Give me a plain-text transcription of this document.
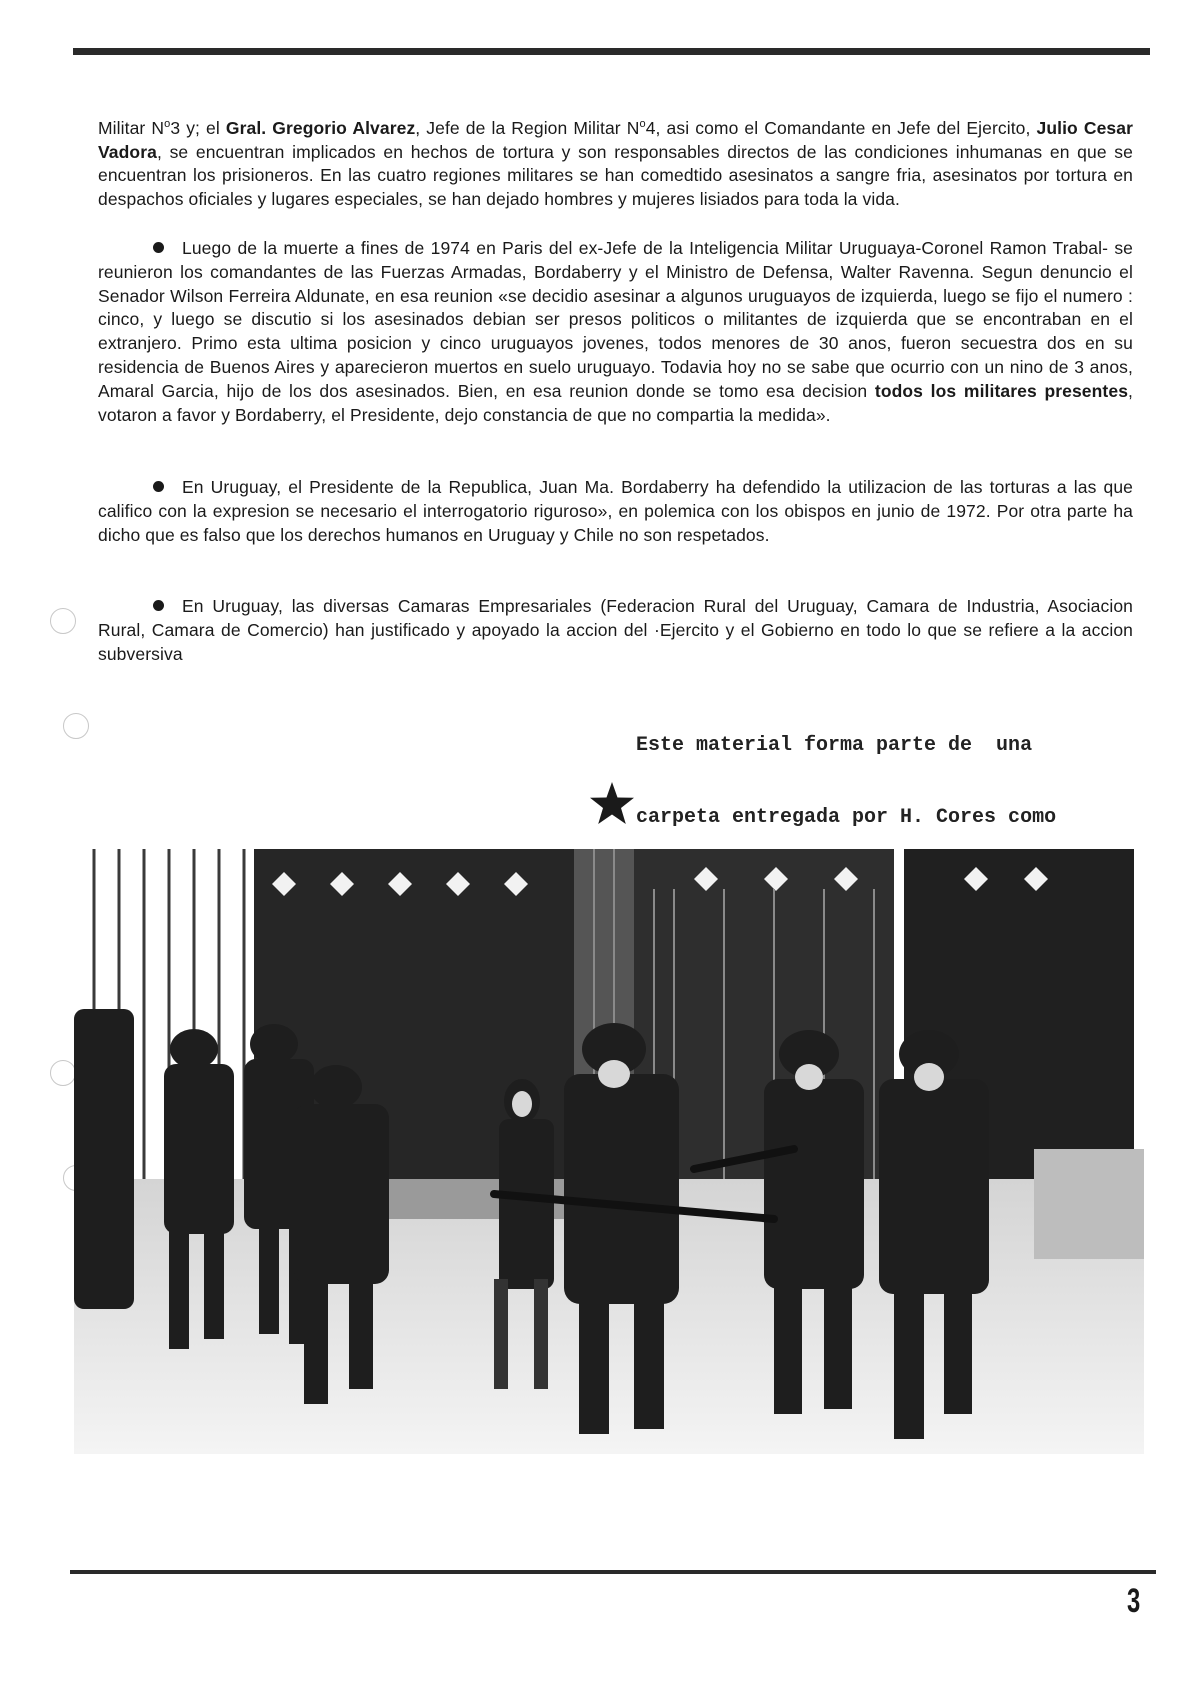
Militar $N^o3$ y; el Gral. Gregorio Alvarez, Jefe de la Region Militar $N^o4$, asi como el Comandante en Jefe del Ejercito, Julio Cesar Vadora, se encuentran implicados en hechos de tortura y son responsables directos de las condiciones inhumanas en que se encuentran los prisioneros. En las cuatro regiones militares se han comedtido asesinatos a sangre fria, asesinatos por tortura en despachos oficiales y lugares especiales, se han dejado hombres y mujeres lisiados para toda la vida.

Luego de la muerte a fines de 1974 en Paris del ex-Jefe de la Inteligencia Militar Uruguaya-Coronel Ramon Trabal- se reunieron los comandantes de las Fuerzas Armadas, Bordaberry y el Ministro de Defensa, Walter Ravenna. Segun denuncio el Senador Wilson Ferreira Aldunate, en esa reunion «se decidio asesinar a algunos uruguayos de izquierda, luego se fijo el numero : cinco, y luego se discutio si los asesinados debian ser presos politicos o militantes de izquierda que se encontraban en el extranjero. Primo esta ultima posicion y cinco uruguayos jovenes, todos menores de 30 anos, fueron secuestra dos en su residencia de Buenos Aires y aparecieron muertos en suelo uruguayo. Todavia hoy no se sabe que ocurrio con un nino de 3 anos, Amaral Garcia, hijo de los dos asesinados. Bien, en esa reunion donde se tomo esa decision todos los militares presentes, votaron a favor y Bordaberry, el Presidente, dejo constancia de que no compartia la medida».

En Uruguay, el Presidente de la Republica, Juan Ma. Bordaberry ha defendido la utilizacion de las torturas a las que califico con la expresion se necesario el interrogatorio riguroso», en polemica con los obispos en junio de 1972. Por otra parte ha dicho que es falso que los derechos humanos en Uruguay y Chile no son respetados.

En Uruguay, las diversas Camaras Empresariales (Federacion Rural del Uruguay, Camara de Industria, Asociacion Rural, Camara de Comercio) han justificado y apoyado la accion del ·Ejercito y el Gobierno en todo lo que se refiere a la accion subversiva

Este material forma parte de  una

carpeta entregada por H. Cores como

3
